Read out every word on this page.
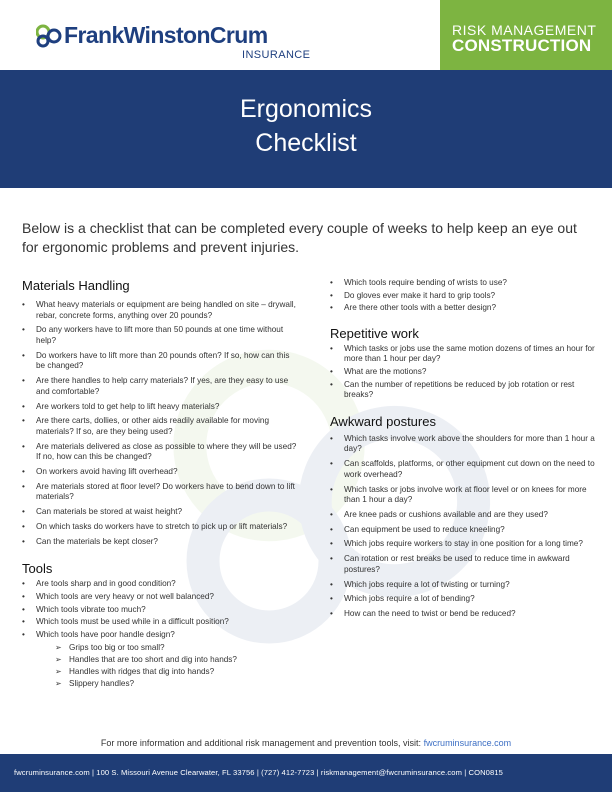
FrankWinstonCrum
INSURANCE
RISK MANAGEMENT
CONSTRUCTION
Ergonomics
Checklist

Below is a checklist that can be completed every couple of weeks to help keep an eye out for ergonomic problems and prevent injuries.

Materials Handling
• What heavy materials or equipment are being handled on site – drywall, rebar, concrete forms, anything over 20 pounds?
• Do any workers have to lift more than 50 pounds at one time without help?
• Do workers have to lift more than 20 pounds often? If so, how can this be changed?
• Are there handles to help carry materials? If yes, are they easy to use and comfortable?
• Are workers told to get help to lift heavy materials?
• Are there carts, dollies, or other aids readily available for moving materials? If so, are they being used?
• Are materials delivered as close as possible to where they will be used? If no, how can this be changed?
• On workers avoid having lift overhead?
• Are materials stored at floor level? Do workers have to bend down to lift materials?
• Can materials be stored at waist height?
• On which tasks do workers have to stretch to pick up or lift materials?
• Can the materials be kept closer?
Tools
• Are tools sharp and in good condition?
• Which tools are very heavy or not well balanced?
• Which tools vibrate too much?
• Which tools must be used while in a difficult position?
• Which tools have poor handle design?
➢ Grips too big or too small?
➢ Handles that are too short and dig into hands?
➢ Handles with ridges that dig into hands?
➢ Slippery handles?
• Which tools require bending of wrists to use?
• Do gloves ever make it hard to grip tools?
• Are there other tools with a better design?
Repetitive work
• Which tasks or jobs use the same motion dozens of times an hour for more than 1 hour per day?
• What are the motions?
• Can the number of repetitions be reduced by job rotation or rest breaks?
Awkward postures
• Which tasks involve work above the shoulders for more than 1 hour a day?
• Can scaffolds, platforms, or other equipment cut down on the need to work overhead?
• Which tasks or jobs involve work at floor level or on knees for more than 1 hour a day?
• Are knee pads or cushions available and are they used?
• Can equipment be used to reduce kneeling?
• Which jobs require workers to stay in one position for a long time?
• Can rotation or rest breaks be used to reduce time in awkward postures?
• Which jobs require a lot of twisting or turning?
• Which jobs require a lot of bending?
• How can the need to twist or bend be reduced?
For more information and additional risk management and prevention tools, visit: fwcruminsurance.com
fwcruminsurance.com | 100 S. Missouri Avenue Clearwater, FL 33756 | (727) 412-7723 | riskmanagement@fwcruminsurance.com | CON0815
